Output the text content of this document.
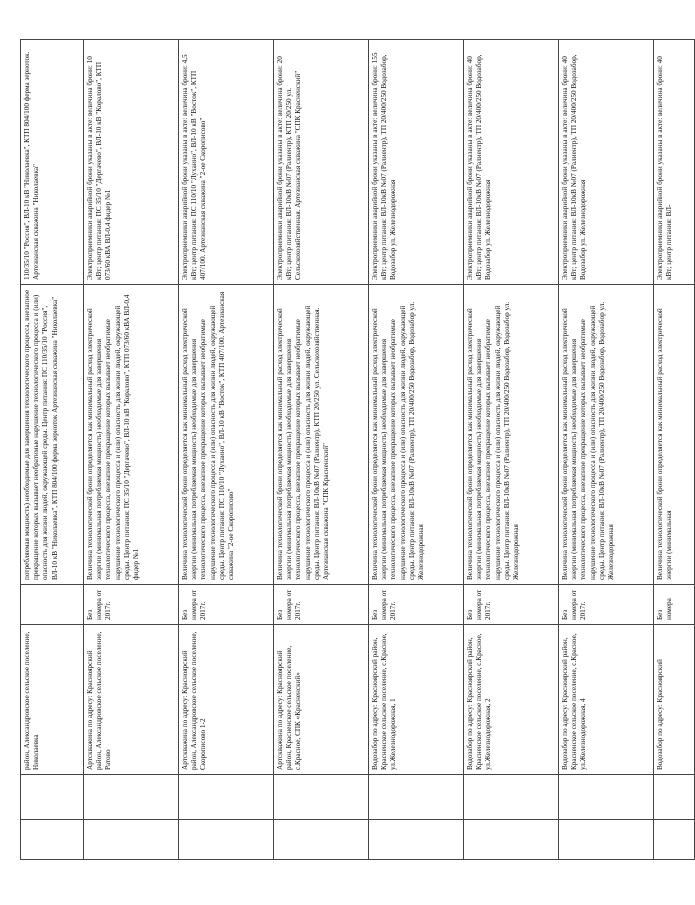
		район, Александровское сельское поселение, Николаевка		потребляемая мощность) необходимые для завершения технологического процесса, внезапное прекращение которых вызывает необратимые нарушение технологического процесса и (или) опасность для жизни людей, окружающей среды. Центр питания: ПС 110/35/10 "Россия", ВЛ-10 кВ "Николаевка", КТП 804/100 ферма зерноток Артезианская скважина "Николаевка"	110/35/10 "Россия", ВЛ-10 кВ "Николаевка", КТП 804/100 ферма зерноток. Артезианская скважина "Николаевка"
		Артскважина по адресу: Красноярский район, Александровское сельское поселение, Ратово	Без номера от 2017г.	Величина технологической брони определяется как минимальный расход электрической энергии (минимальная потребляемая мощность) необходимые для завершения технологического процесса, внезапное прекращение которых вызывает необратимые нарушение технологического процесса и (или) опасность для жизни людей, окружающей среды. Центр питания: ПС 35/10 "Дергачево", ВЛ-10 кВ "Коралово", КТП 073/60 кВА ВЛ-0,4 фидер №1	Электроприемники аварийной брони указаны в акте: величина брони: 10 кВт; центр питания: ПС 35/10 "Дергачево", ВЛ-10 кВ "Коралово", КТП 073/60 кВА ВЛ-0,4 фидер №1
		Артскважина по адресу: Красноярский район, Александровское сельское поселение, Скорописово 1-2	Без номера от 2017г.	Величина технологической брони определяется как минимальный расход электрической энергии (минимальная потребляемая мощность) необходимые для завершения технологического процесса, внезапное прекращение которых вызывает необратимые нарушение технологического процесса и (или) опасность для жизни людей, окружающей среды. Центр питания: ПС 110/10 "Лухаино", ВЛ-10 кВ "Восток", КТП 407/100. Артезианская скважина "2-ое Скорописово"	Электроприемники аварийной брони указаны в акте: величина брони: 4,5 кВт; центр питания: ПС 110/10 "Лухаино", ВЛ-10 кВ "Восток", КТП 407/100. Артезианская скважина "2-ое Скорописово"
		Артскважина по адресу: Красноярский район, Красненское сельское поселение, с.Красное, СПК «Красненский»	Без номера от 2017г.	Величина технологической брони определяется как минимальный расход электрической энергии (минимальная потребляемая мощность) необходимые для завершения технологического процесса, внезапное прекращение которых вызывает необратимые нарушение технологического процесса и (или) опасность для жизни людей, окружающей среды. Центр питания: ВЛ-10кВ №07 (Ралиентр), КТП 20/250 ул. Сельскохозяйственная. Артезианская скважина "СПК Красненский"	Электроприемники аварийной брони указаны в акте: величина брони: 20 кВт; центр питания: ВЛ-10кВ №07 (Ралиентр), КТП 20/250 ул. Сельскохозяйственная. Артезианская скважина "СПК Красненский"
		Водозабор по адресу: Красноярский район, Красненское сельское поселение, с.Красное, ул.Железнодорожная, 1	Без номера от 2017г.	Величина технологической брони определяется как минимальный расход электрической энергии (минимальная потребляемая мощность) необходимые для завершения технологического процесса, внезапное прекращение которых вызывает необратимые нарушение технологического процесса и (или) опасность для жизни людей, окружающей среды. Центр питания: ВЛ-10кВ №07 (Ралиентр), ТП 20/400/250 Водозабор, Водозабор ул. Железнодорожная	Электроприемники аварийной брони указаны в акте: величина брони: 155 кВт; центр питания: ВЛ-10кВ №07 (Ралиентр), ТП 20/400/250 Водозабор, Водозабор ул. Железнодорожная
		Водозабор по адресу: Красноярский район, Красненское сельское поселение, с.Красное, ул.Железнодорожная, 2	Без номера от 2017г.	Величина технологической брони определяется как минимальный расход электрической энергии (минимальная потребляемая мощность) необходимые для завершения технологического процесса, внезапное прекращение которых вызывает необратимые нарушение технологического процесса и (или) опасность для жизни людей, окружающей среды. Центр питания: ВЛ-10кВ №07 (Ралиентр), ТП 20/400/250 Водозабор, Водозабор ул. Железнодорожная	Электроприемники аварийной брони указаны в акте: величина брони: 40 кВт; центр питания: ВЛ-10кВ №07 (Ралиентр), ТП 20/400/250 Водозабор, Водозабор ул. Железнодорожная
		Водозабор по адресу: Красноярский район, Красненское сельское поселение, с.Красное, ул.Железнодорожная, 4	Без номера от 2017г.	Величина технологической брони определяется как минимальный расход электрической энергии (минимальная потребляемая мощность) необходимые для завершения технологического процесса, внезапное прекращение которых вызывает необратимые нарушение технологического процесса и (или) опасность для жизни людей, окружающей среды. Центр питания: ВЛ-10кВ №07 (Ралиентр), ТП 20/400/250 Водозабор, Водозабор ул. Железнодорожная	Электроприемники аварийной брони указаны в акте: величина брони: 40 кВт; центр питания: ВЛ-10кВ №07 (Ралиентр), ТП 20/400/250 Водозабор, Водозабор ул. Железнодорожная
		Водозабор по адресу: Красноярский	Без номера	Величина технологической брони определяется как минимальный расход электрической энергии (минимальная	Электроприемники аварийной брони указаны в акте: величина брони: 40 кВт; центр питания: ВЛ-
